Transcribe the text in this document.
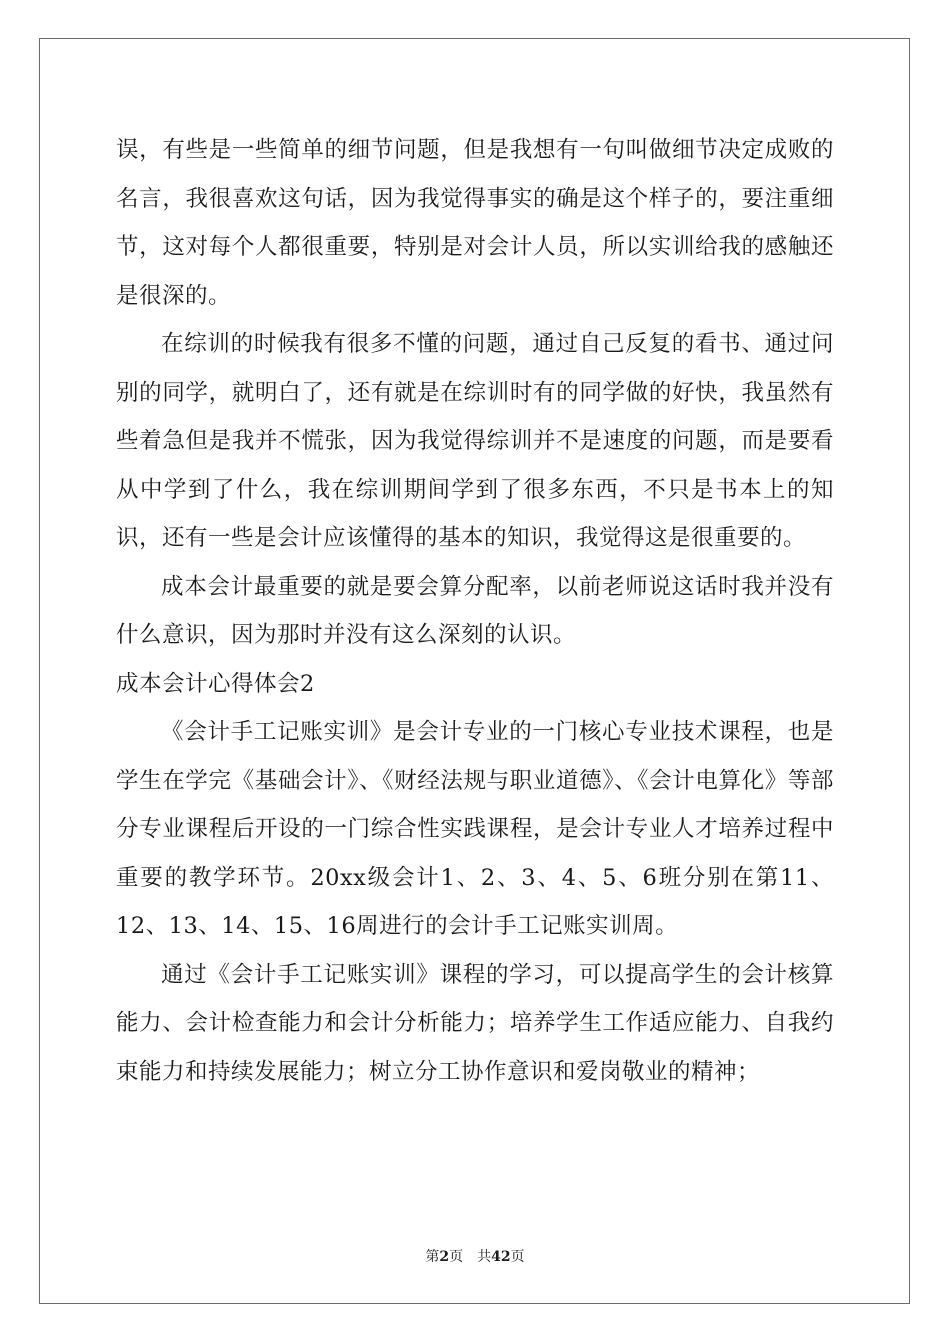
误，有些是一些简单的细节问题，但是我想有一句叫做细节决定成败的名言，我很喜欢这句话，因为我觉得事实的确是这个样子的，要注重细节，这对每个人都很重要，特别是对会计人员，所以实训给我的感触还是很深的。

在综训的时候我有很多不懂的问题，通过自己反复的看书、通过问别的同学，就明白了，还有就是在综训时有的同学做的好快，我虽然有些着急但是我并不慌张，因为我觉得综训并不是速度的问题，而是要看从中学到了什么，我在综训期间学到了很多东西，不只是书本上的知识，还有一些是会计应该懂得的基本的知识，我觉得这是很重要的。

成本会计最重要的就是要会算分配率，以前老师说这话时我并没有什么意识，因为那时并没有这么深刻的认识。

成本会计心得体会2

《会计手工记账实训》是会计专业的一门核心专业技术课程，也是学生在学完《基础会计》、《财经法规与职业道德》、《会计电算化》等部分专业课程后开设的一门综合性实践课程，是会计专业人才培养过程中重要的教学环节。20xx级会计1、2、3、4、5、6班分别在第11、12、13、14、15、16周进行的会计手工记账实训周。

通过《会计手工记账实训》课程的学习，可以提高学生的会计核算能力、会计检查能力和会计分析能力；培养学生工作适应能力、自我约束能力和持续发展能力；树立分工协作意识和爱岗敬业的精神；

第2页 共42页
